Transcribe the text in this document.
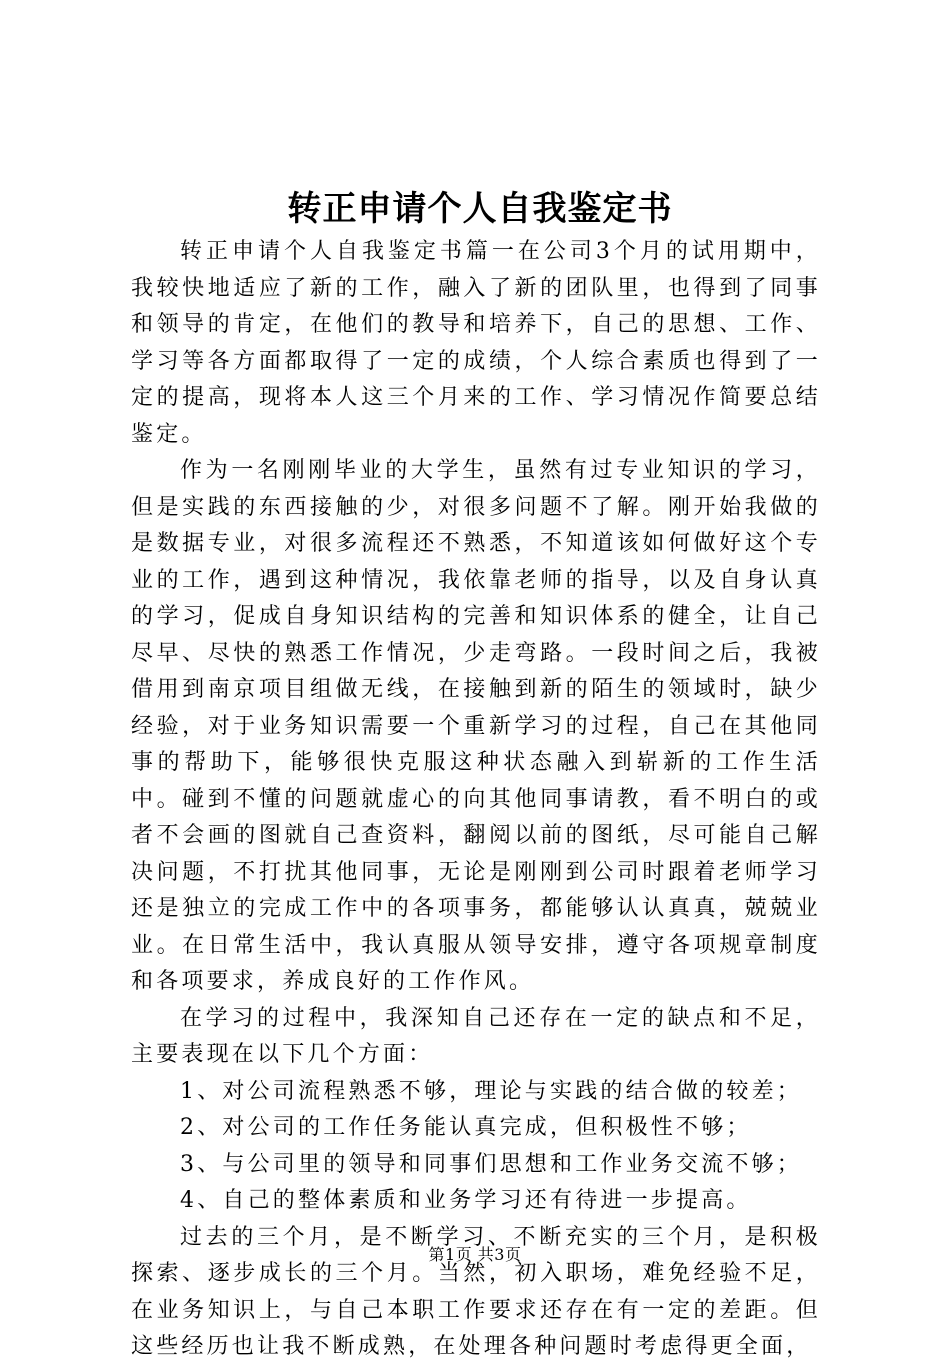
转正申请个人自我鉴定书

转正申请个人自我鉴定书篇一在公司3个月的试用期中，我较快地适应了新的工作，融入了新的团队里，也得到了同事和领导的肯定，在他们的教导和培养下，自己的思想、工作、学习等各方面都取得了一定的成绩，个人综合素质也得到了一定的提高，现将本人这三个月来的工作、学习情况作简要总结鉴定。

作为一名刚刚毕业的大学生，虽然有过专业知识的学习，但是实践的东西接触的少，对很多问题不了解。刚开始我做的是数据专业，对很多流程还不熟悉，不知道该如何做好这个专业的工作，遇到这种情况，我依靠老师的指导，以及自身认真的学习，促成自身知识结构的完善和知识体系的健全，让自己尽早、尽快的熟悉工作情况，少走弯路。一段时间之后，我被借用到南京项目组做无线，在接触到新的陌生的领域时，缺少经验，对于业务知识需要一个重新学习的过程，自己在其他同事的帮助下，能够很快克服这种状态融入到崭新的工作生活中。碰到不懂的问题就虚心的向其他同事请教，看不明白的或者不会画的图就自己查资料，翻阅以前的图纸，尽可能自己解决问题，不打扰其他同事，无论是刚刚到公司时跟着老师学习还是独立的完成工作中的各项事务，都能够认认真真，兢兢业业。在日常生活中，我认真服从领导安排，遵守各项规章制度和各项要求，养成良好的工作作风。

在学习的过程中，我深知自己还存在一定的缺点和不足，主要表现在以下几个方面：

1、对公司流程熟悉不够，理论与实践的结合做的较差；

2、对公司的工作任务能认真完成，但积极性不够；

3、与公司里的领导和同事们思想和工作业务交流不够；

4、自己的整体素质和业务学习还有待进一步提高。

过去的三个月，是不断学习、不断充实的三个月，是积极探索、逐步成长的三个月。当然，初入职场，难免经验不足，在业务知识上，与自己本职工作要求还存在有一定的差距。但这些经历也让我不断成熟，在处理各种问题时考虑得更全面，

第1页 共3页
